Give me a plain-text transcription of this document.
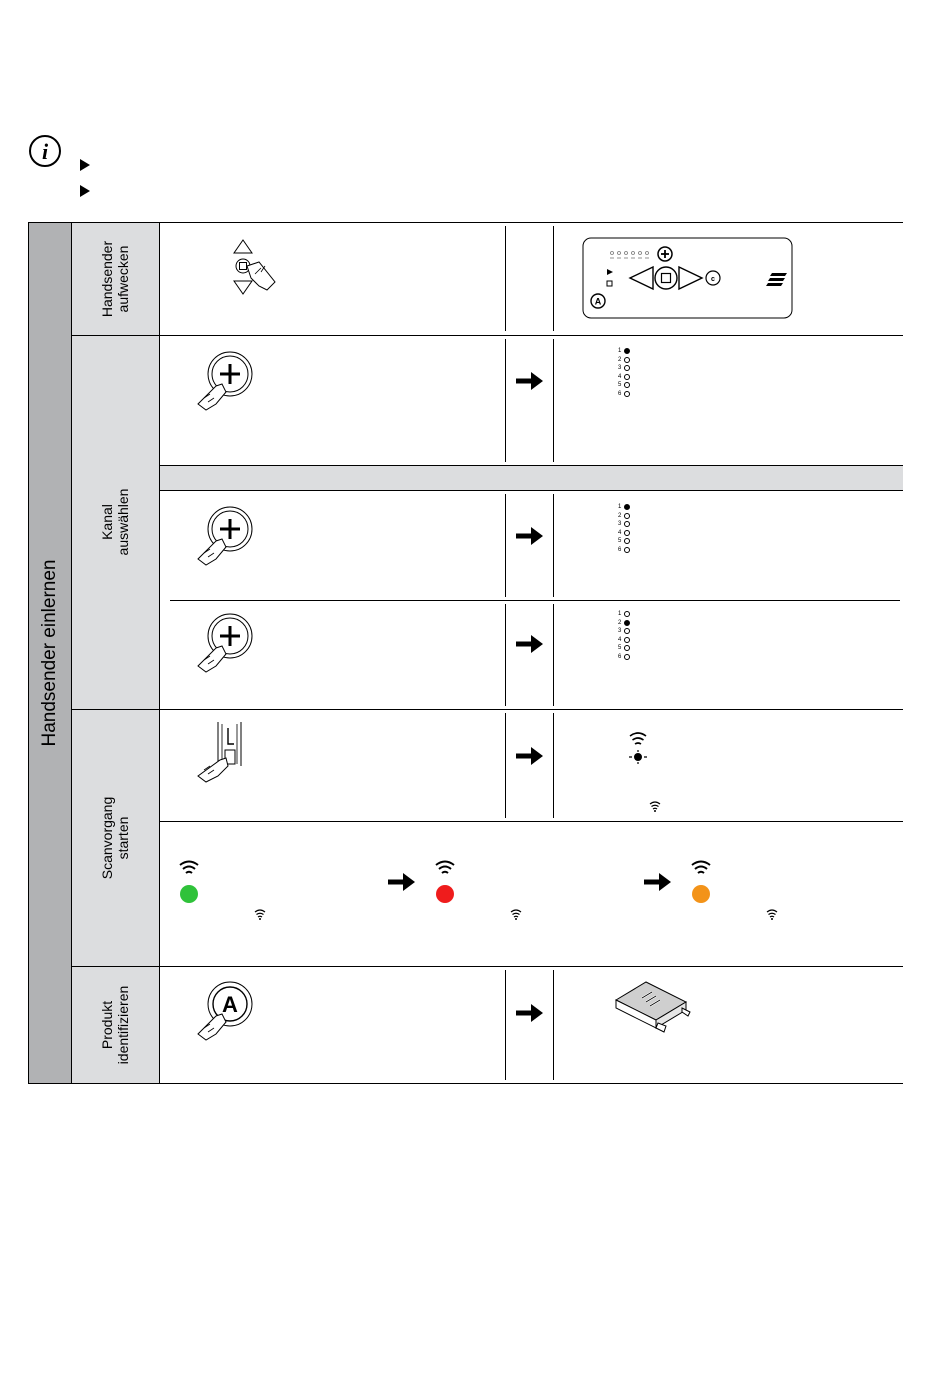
i
Handsender einlernen
Handsender
aufwecken
Kanal
auswählen
Scanvorgang
starten
Produkt
identifizieren
c
A
1
2
3
4
5
6
1
2
3
4
5
6
1
2
3
4
5
6
A
